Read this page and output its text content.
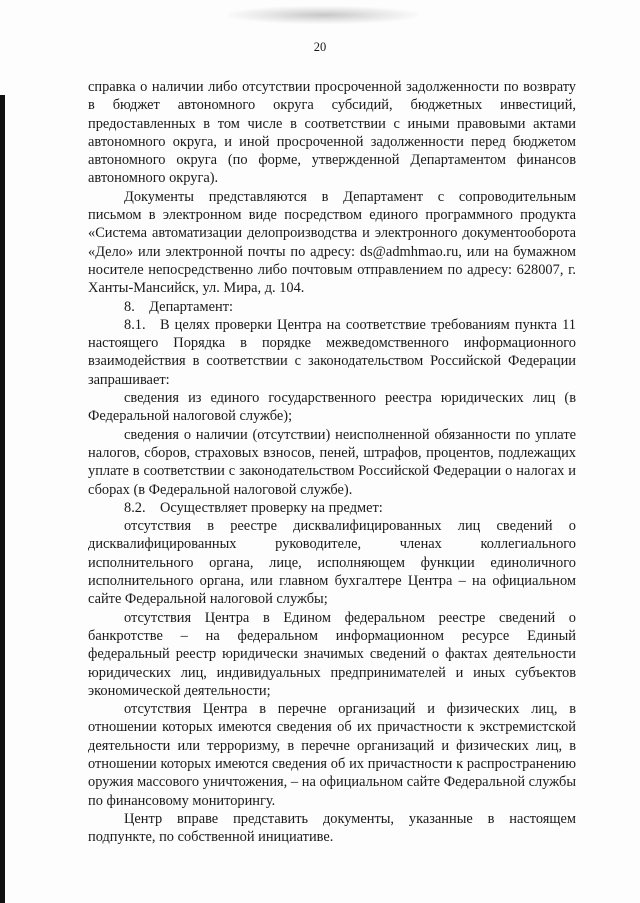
20

справка о наличии либо отсутствии просроченной задолженности по возврату в бюджет автономного округа субсидий, бюджетных инвестиций, предоставленных в том числе в соответствии с иными правовыми актами автономного округа, и иной просроченной задолженности перед бюджетом автономного округа (по форме, утвержденной Департаментом финансов автономного округа).

Документы представляются в Департамент с сопроводительным письмом в электронном виде посредством единого программного продукта «Система автоматизации делопроизводства и электронного документооборота «Дело» или электронной почты по адресу: ds@admhmao.ru, или на бумажном носителе непосредственно либо почтовым отправлением по адресу: 628007, г. Ханты-Мансийск, ул. Мира, д. 104.

8. Департамент:

8.1. В целях проверки Центра на соответствие требованиям пункта 11 настоящего Порядка в порядке межведомственного информационного взаимодействия в соответствии с законодательством Российской Федерации запрашивает:

сведения из единого государственного реестра юридических лиц (в Федеральной налоговой службе);

сведения о наличии (отсутствии) неисполненной обязанности по уплате налогов, сборов, страховых взносов, пеней, штрафов, процентов, подлежащих уплате в соответствии с законодательством Российской Федерации о налогах и сборах (в Федеральной налоговой службе).

8.2. Осуществляет проверку на предмет:

отсутствия в реестре дисквалифицированных лиц сведений о дисквалифицированных руководителе, членах коллегиального исполнительного органа, лице, исполняющем функции единоличного исполнительного органа, или главном бухгалтере Центра – на официальном сайте Федеральной налоговой службы;

отсутствия Центра в Едином федеральном реестре сведений о банкротстве – на федеральном информационном ресурсе Единый федеральный реестр юридически значимых сведений о фактах деятельности юридических лиц, индивидуальных предпринимателей и иных субъектов экономической деятельности;

отсутствия Центра в перечне организаций и физических лиц, в отношении которых имеются сведения об их причастности к экстремистской деятельности или терроризму, в перечне организаций и физических лиц, в отношении которых имеются сведения об их причастности к распространению оружия массового уничтожения, – на официальном сайте Федеральной службы по финансовому мониторингу.

Центр вправе представить документы, указанные в настоящем подпункте, по собственной инициативе.
